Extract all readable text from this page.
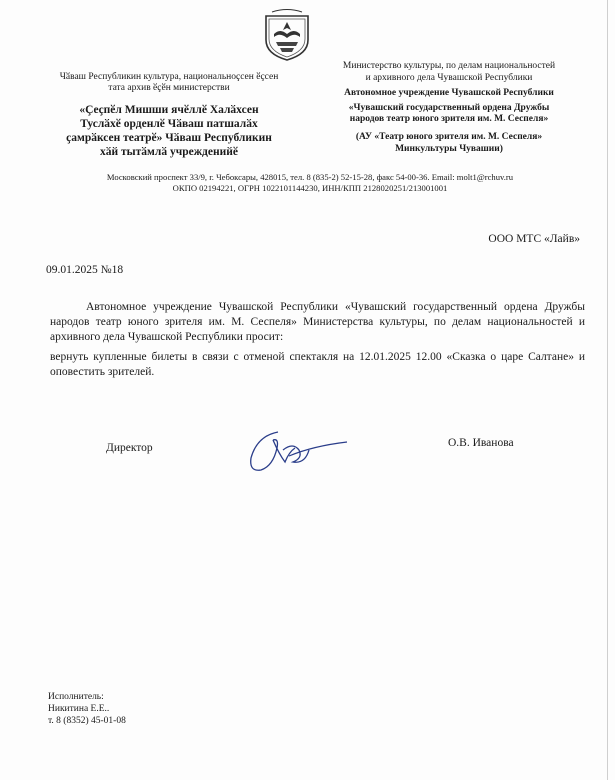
Чӑваш Республикин культура, национальноҫсен ӗҫсен
тата архив ӗҫӗн министерстви
«Ҫеҫпӗл Мишши ячӗллӗ Халӑхсен
Туслӑхӗ орденлӗ Чӑваш патшалӑх
ҫамрӑксен театрӗ» Чӑваш Республикин
хӑй тытӑмлӑ учрежденийӗ
Министерство культуры, по делам национальностей
и архивного дела Чувашской Республики
Автономное учреждение Чувашской Республики
«Чувашский государственный ордена Дружбы
народов театр юного зрителя им. М. Сеспеля»
(АУ «Театр юного зрителя им. М. Сеспеля»
Минкультуры Чувашии)
Московский проспект 33/9, г. Чебоксары, 428015, тел. 8 (835-2) 52-15-28, факс 54-00-36. Email: molt1@rchuv.ru
ОКПО 02194221, ОГРН 1022101144230, ИНН/КПП 2128020251/213001001
ООО МТС «Лайв»
09.01.2025 №18

Автономное учреждение Чувашской Республики «Чувашский государственный ордена Дружбы народов театр юного зрителя им. М. Сеспеля» Министерства культуры, по делам национальностей и архивного дела Чувашской Республики просит:

вернуть купленные билеты в связи с отменой спектакля на 12.01.2025 12.00 «Сказка о царе Салтане» и оповестить зрителей.

Директор	О.В. Иванова
Исполнитель:
Никитина Е.Е..
т. 8 (8352) 45-01-08
